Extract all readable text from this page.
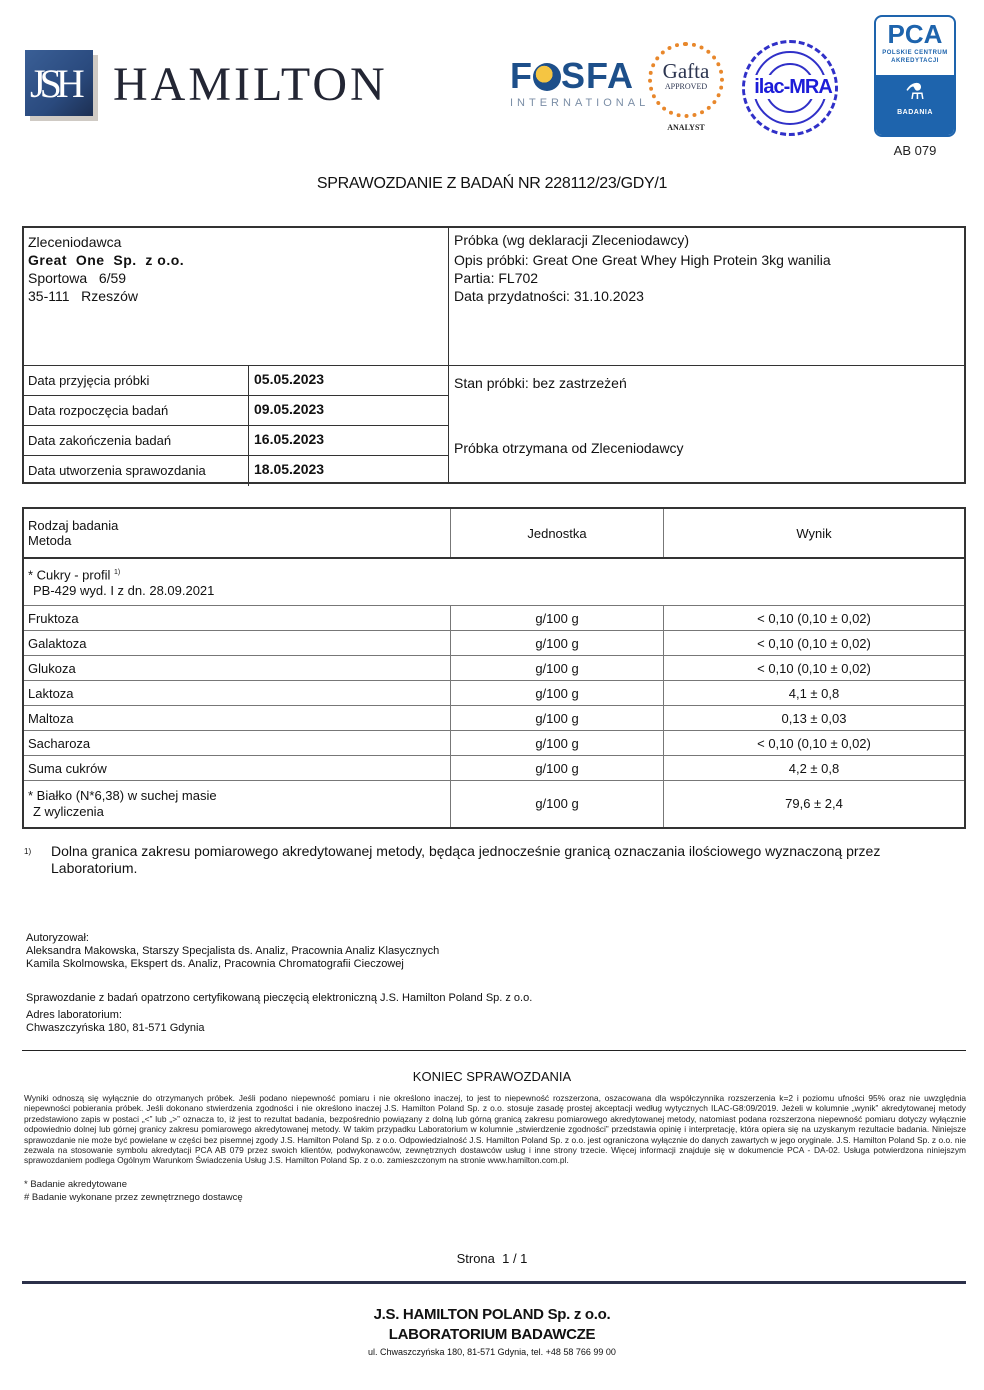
JSH HAMILTON	F SFA
INTERNATIONAL
Gafta
APPROVED
ANALYST
ilac-MRA
PCA
POLSKIE CENTRUM
AKREDYTACJI
⚗
BADANIA
AB 079
SPRAWOZDANIE Z BADAŃ NR 228112/23/GDY/1
Zleceniodawca
Great  One  Sp.  z o.o.
Sportowa   6/59
35-111   Rzeszów
Próbka (wg deklaracji Zleceniodawcy)
Opis próbki: Great One Great Whey High Protein 3kg wanilia
Partia: FL702
Data przydatności: 31.10.2023
Data przyjęcia próbki	05.05.2023
Data rozpoczęcia badań	09.05.2023
Data zakończenia badań	16.05.2023
Data utworzenia sprawozdania	18.05.2023
Stan próbki: bez zastrzeżeń
Próbka otrzymana od Zleceniodawcy
Rodzaj badania
Metoda	Jednostka	Wynik

* Cukry - profil $^{1)}$
PB-429 wyd. I z dn. 28.09.2021		

Fruktoza	g/100 g	< 0,10 (0,10 ± 0,02)
Galaktoza	g/100 g	< 0,10 (0,10 ± 0,02)
Glukoza	g/100 g	< 0,10 (0,10 ± 0,02)
Laktoza	g/100 g	4,1 ± 0,8
Maltoza	g/100 g	0,13 ± 0,03
Sacharoza	g/100 g	< 0,10 (0,10 ± 0,02)
Suma cukrów	g/100 g	4,2 ± 0,8

* Białko (N*6,38) w suchej masie
Z wyliczenia	g/100 g	79,6 ± 2,4
1) Dolna granica zakresu pomiarowego akredytowanej metody, będąca jednocześnie granicą oznaczania ilościowego wyznaczoną przez Laboratorium.
Autoryzował:
Aleksandra Makowska, Starszy Specjalista ds. Analiz, Pracownia Analiz Klasycznych
Kamila Skolmowska, Ekspert ds. Analiz, Pracownia Chromatografii Cieczowej
Sprawozdanie z badań opatrzono certyfikowaną pieczęcią elektroniczną J.S. Hamilton Poland Sp. z o.o.
Adres laboratorium:
Chwaszczyńska 180, 81-571 Gdynia
KONIEC SPRAWOZDANIA
Wyniki odnoszą się wyłącznie do otrzymanych próbek. Jeśli podano niepewność pomiaru i nie określono inaczej, to jest to niepewność rozszerzona, oszacowana dla współczynnika rozszerzenia k=2 i poziomu ufności 95% oraz nie uwzględnia niepewności pobierania próbek. Jeśli dokonano stwierdzenia zgodności i nie określono inaczej J.S. Hamilton Poland Sp. z o.o. stosuje zasadę prostej akceptacji według wytycznych ILAC-G8:09/2019. Jeżeli w kolumnie „wynik” akredytowanej metody przedstawiono zapis w postaci „<” lub „>” oznacza to, iż jest to rezultat badania, bezpośrednio powiązany z dolną lub górną granicą zakresu pomiarowego akredytowanej metody, natomiast podana rozszerzona niepewność pomiaru dotyczy wyłącznie odpowiednio dolnej lub górnej granicy zakresu pomiarowego akredytowanej metody. W takim przypadku Laboratorium w kolumnie „stwierdzenie zgodności” przedstawia opinię i interpretację, która opiera się na uzyskanym rezultacie badania. Niniejsze sprawozdanie nie może być powielane w części bez pisemnej zgody J.S. Hamilton Poland Sp. z o.o. Odpowiedzialność J.S. Hamilton Poland Sp. z o.o. jest ograniczona wyłącznie do danych zawartych w jego oryginale. J.S. Hamilton Poland Sp. z o.o. nie zezwala na stosowanie symbolu akredytacji PCA AB 079 przez swoich klientów, podwykonawców, zewnętrznych dostawców usług i inne strony trzecie. Więcej informacji znajduje się w dokumencie PCA - DA-02. Usługa potwierdzona niniejszym sprawozdaniem podlega Ogólnym Warunkom Świadczenia Usług J.S. Hamilton Poland Sp. z o.o. zamieszczonym na stronie www.hamilton.com.pl.
* Badanie akredytowane
# Badanie wykonane przez zewnętrznego dostawcę
Strona  1 / 1
J.S. HAMILTON POLAND Sp. z o.o.
LABORATORIUM BADAWCZE
ul. Chwaszczyńska 180, 81-571 Gdynia, tel. +48 58 766 99 00
